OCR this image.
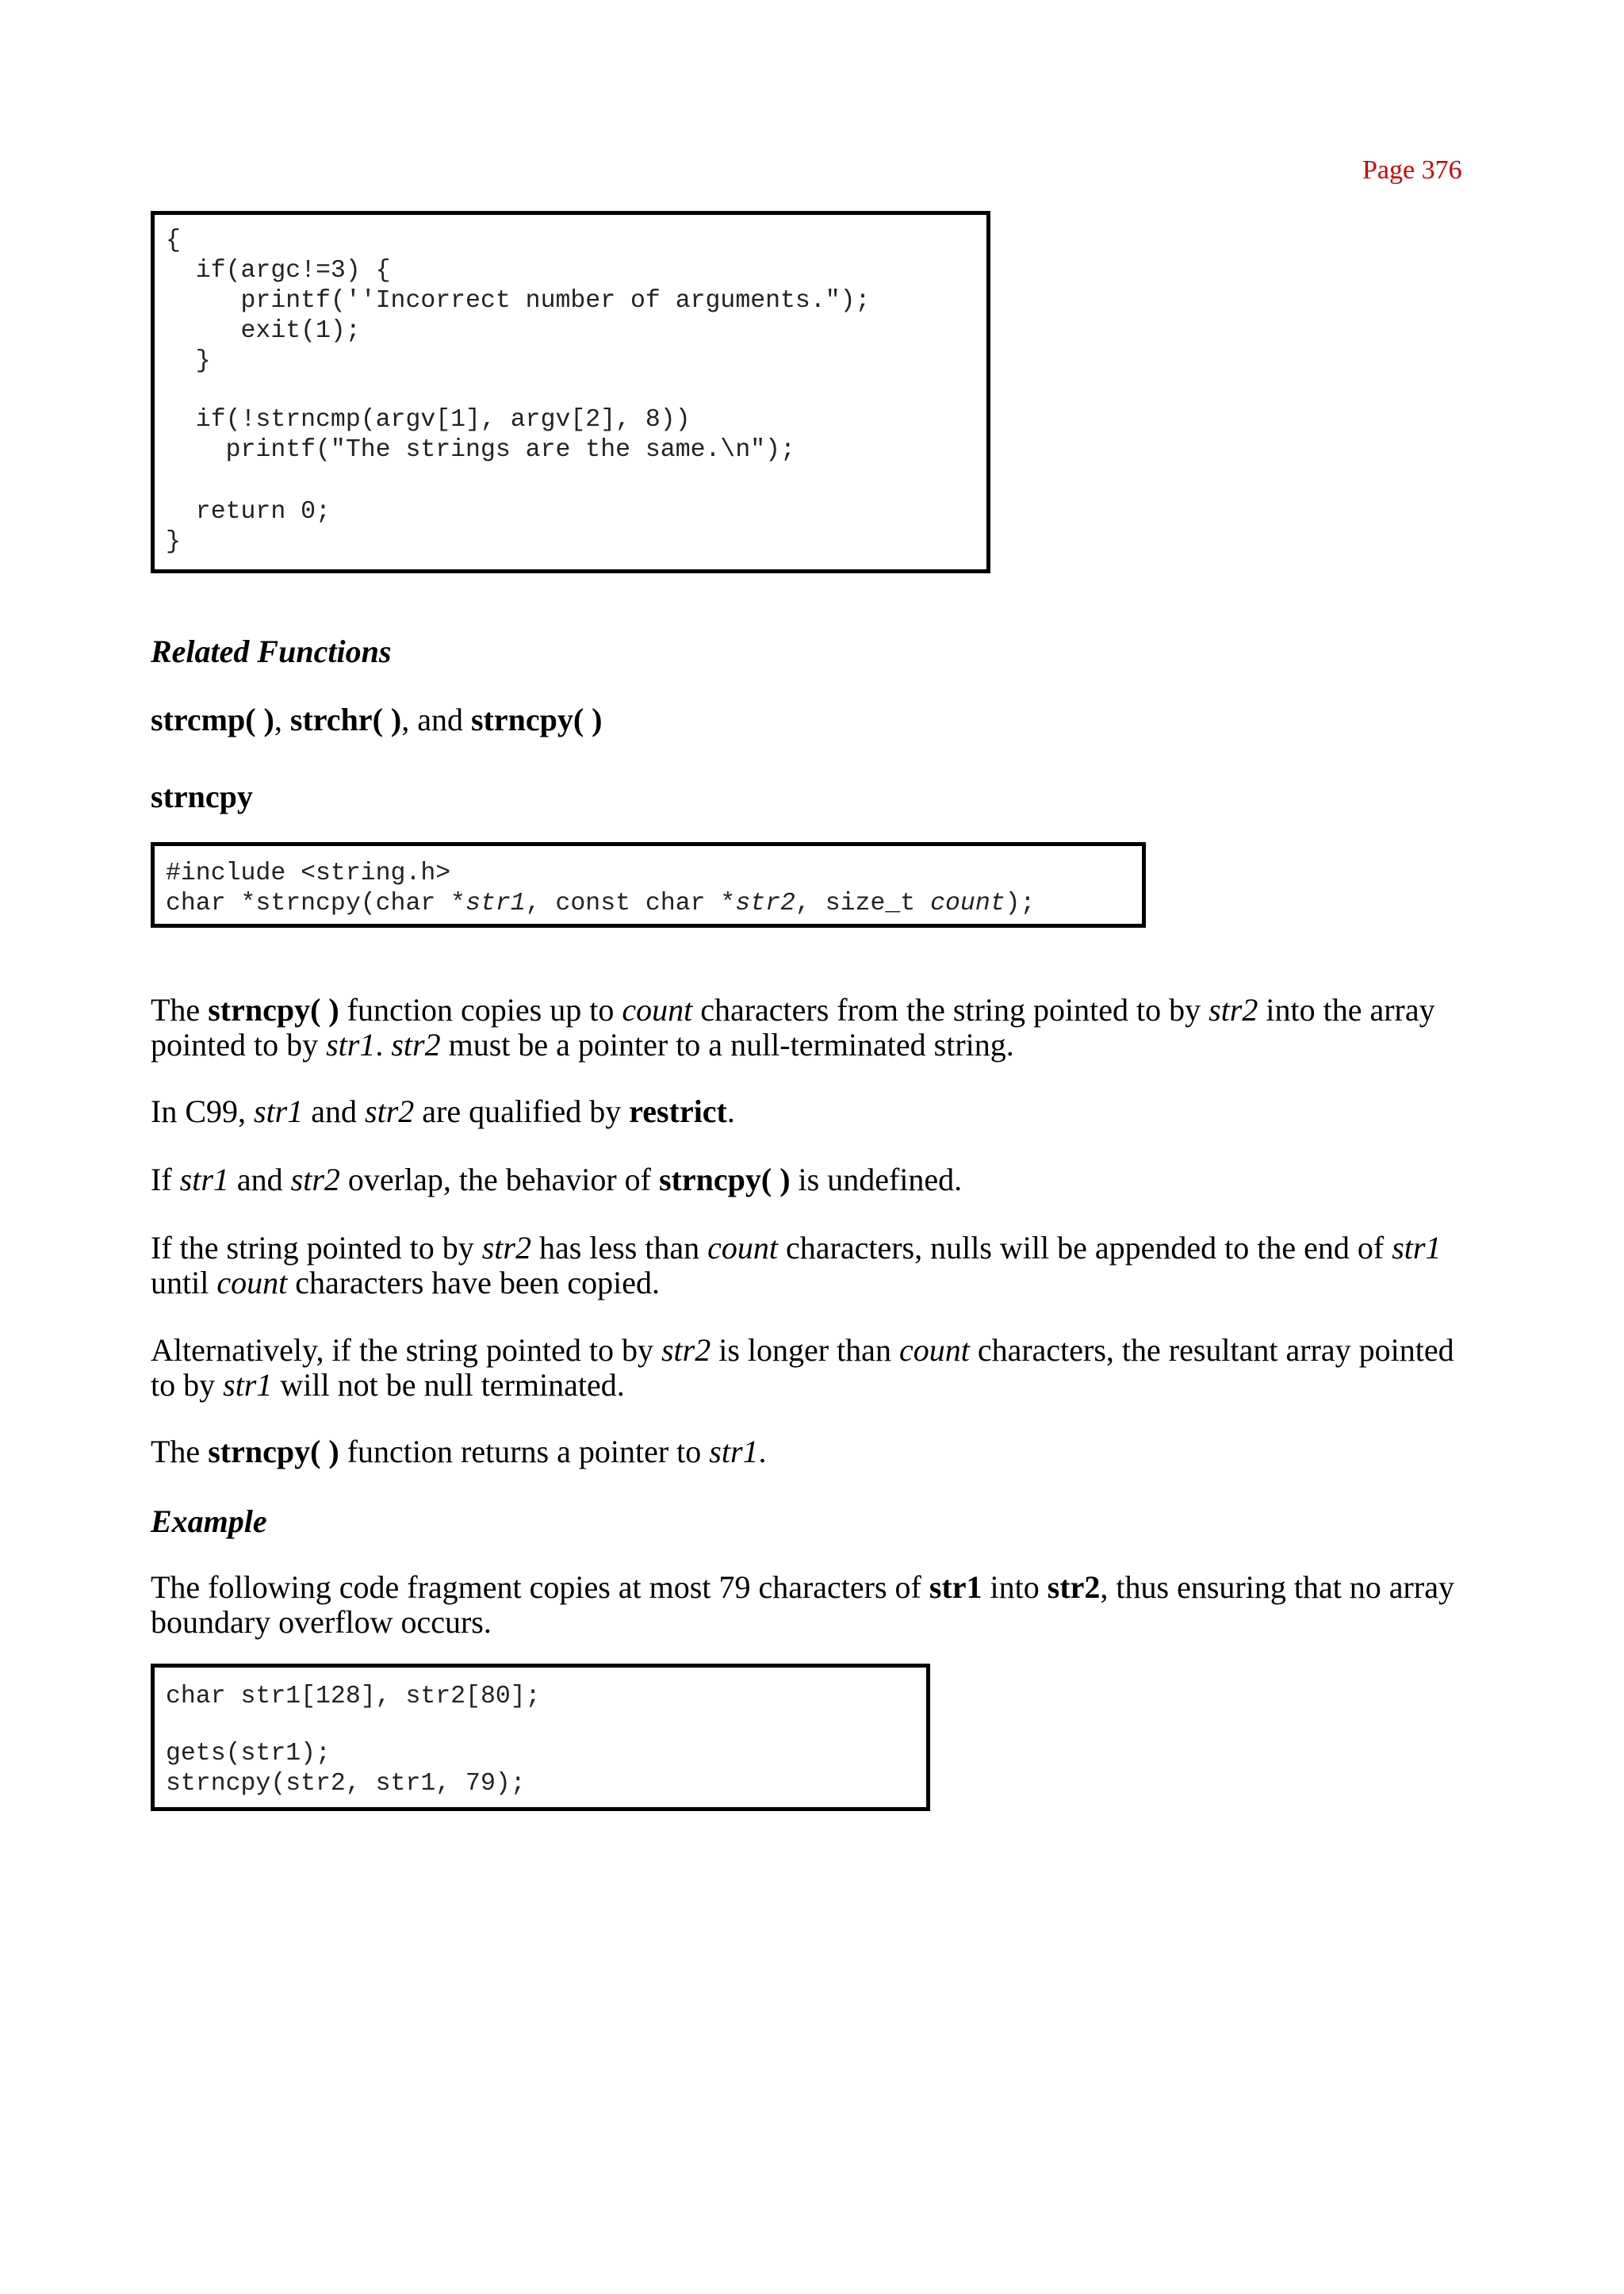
Page 376
{
if(argc!=3) {
printf(''Incorrect number of arguments.");
exit(1);
}
if(!strncmp(argv[1], argv[2], 8))
printf("The strings are the same.\n");
return 0;
}
Related Functions
strcmp( ), strchr( ), and strncpy( )
strncpy
#include <string.h>
char *strncpy(char *str1, const char *str2, size_t count);
The strncpy( ) function copies up to count characters from the string pointed to by str2 into the array pointed to by str1. str2 must be a pointer to a null-terminated string.
In C99, str1 and str2 are qualified by restrict.
If str1 and str2 overlap, the behavior of strncpy( ) is undefined.
If the string pointed to by str2 has less than count characters, nulls will be appended to the end of str1 until count characters have been copied.
Alternatively, if the string pointed to by str2 is longer than count characters, the resultant array pointed to by str1 will not be null terminated.
The strncpy( ) function returns a pointer to str1.
Example
The following code fragment copies at most 79 characters of str1 into str2, thus ensuring that no array boundary overflow occurs.
char str1[128], str2[80];
gets(str1);
strncpy(str2, str1, 79);
